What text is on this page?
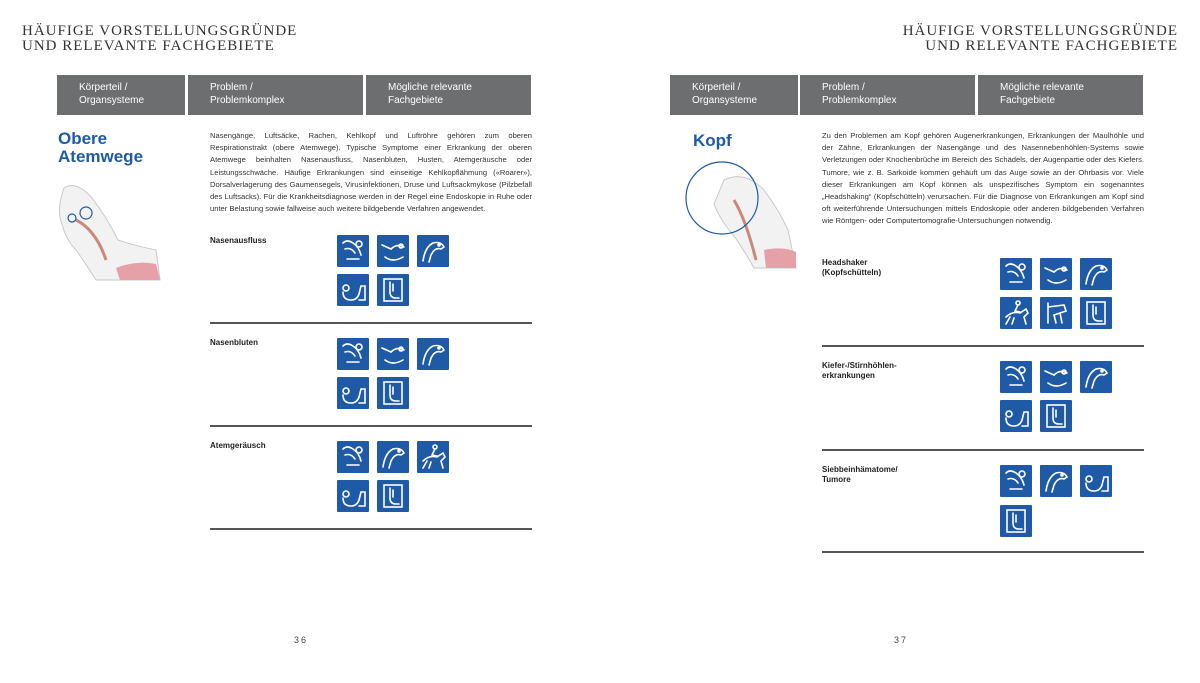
HÄUFIGE VORSTELLUNGSGRÜNDE
UND RELEVANTE FACHGEBIETE
Körperteil /
Organsysteme
Problem /
Problemkomplex
Mögliche relevante
Fachgebiete
Obere
Atemwege
Nasengänge, Luftsäcke, Rachen, Kehlkopf und Luftröhre gehören zum oberen Respirationstrakt (obere Atemwege). Typische Symptome einer Erkrankung der oberen Atemwege beinhalten Nasenausfluss, Nasenbluten, Husten, Atemgeräusche oder Leistungsschwäche. Häufige Erkrankungen sind einseitige Kehlkopflähmung («Roarer»), Dorsalverlagerung des Gaumensegels, Virusinfektionen, Druse und Luftsackmykose (Pilzbefall des Luftsacks). Für die Krankheitsdiagnose werden in der Regel eine Endoskopie in Ruhe oder unter Belastung sowie fallweise auch weitere bildgebende Verfahren angewendet.
Nasenausfluss
Nasenbluten
Atemgeräusch
36
HÄUFIGE VORSTELLUNGSGRÜNDE
UND RELEVANTE FACHGEBIETE
Körperteil /
Organsysteme
Problem /
Problemkomplex
Mögliche relevante
Fachgebiete
Kopf	Zu den Problemen am Kopf gehören Augenerkrankungen, Erkrankungen der Maulhöhle und der Zähne, Erkrankungen der Nasengänge und des Nasennebenhöhlen-Systems sowie Verletzungen oder Knochenbrüche im Bereich des Schädels, der Augenpartie oder des Kiefers. Tumore, wie z. B. Sarkoide kommen gehäuft um das Auge sowie an der Ohrbasis vor. Viele dieser Erkrankungen am Kopf können als unspezifisches Symptom ein sogenanntes „Headshaking“ (Kopfschütteln) verursachen. Für die Diagnose von Erkrankungen am Kopf sind oft weiterführende Untersuchungen mittels Endoskopie oder anderen bildgebenden Verfahren wie Röntgen- oder Computertomografie-Untersuchungen notwendig.
Headshaker
(Kopfschütteln)
Kiefer-/Stirnhöhlen-
erkrankungen
Siebbeinhämatome/
Tumore
37
